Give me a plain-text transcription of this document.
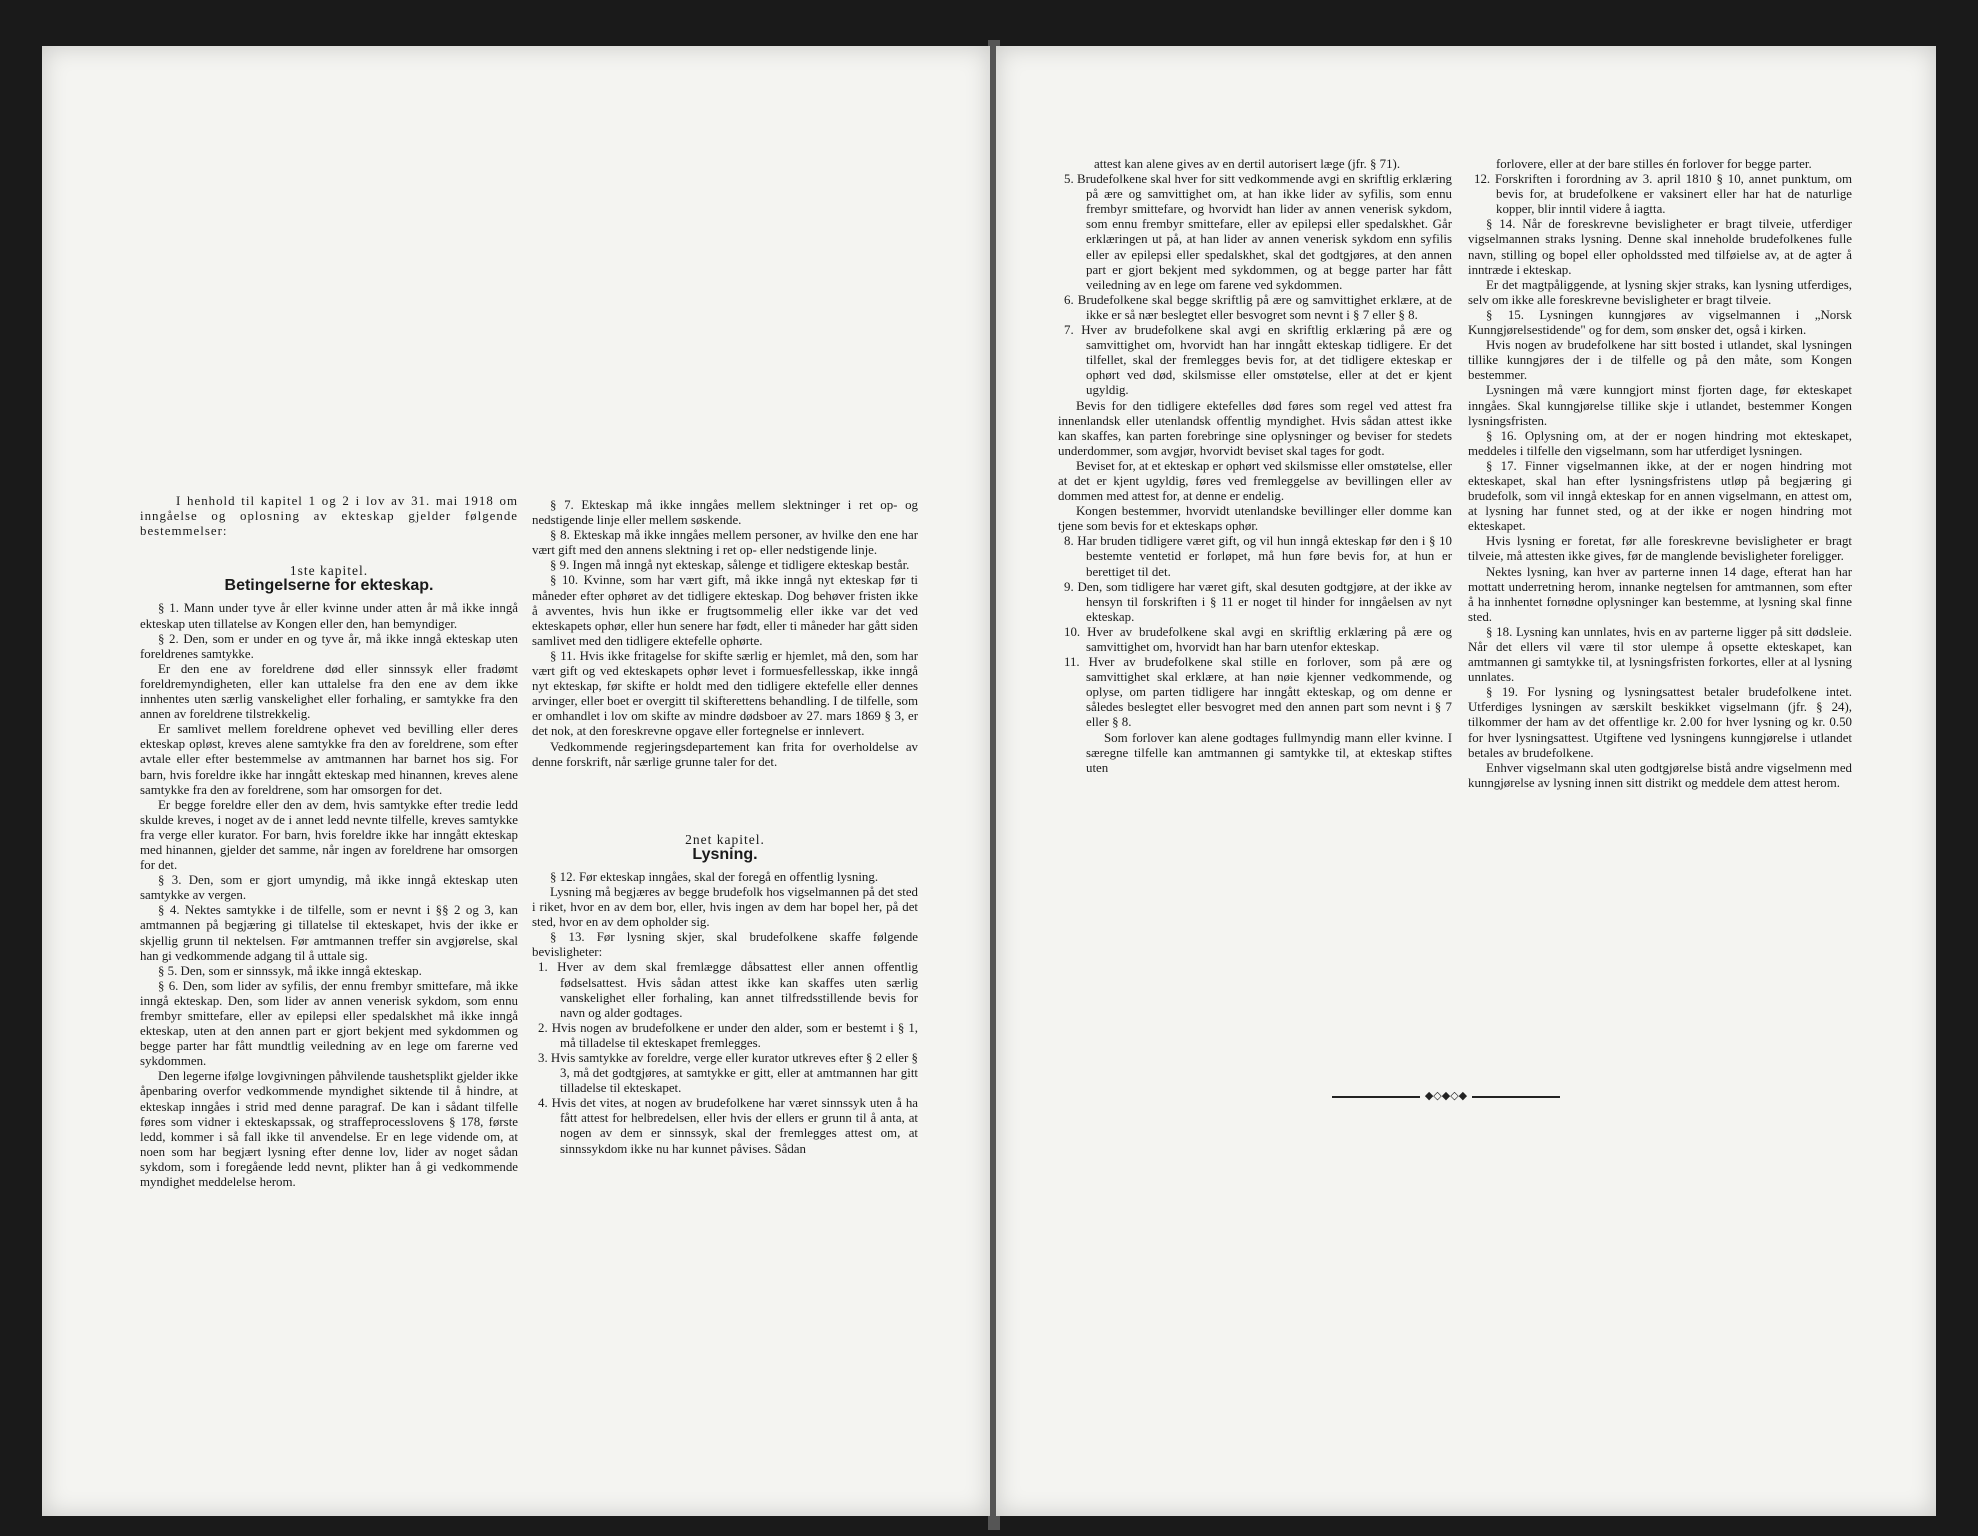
I henhold til kapitel 1 og 2 i lov av 31. mai 1918 om inngåelse og oplosning av ekteskap gjelder følgende bestemmelser:

1ste kapitel.

Betingelserne for ekteskap.

§ 1. Mann under tyve år eller kvinne under atten år må ikke inngå ekteskap uten tillatelse av Kongen eller den, han bemyndiger.

§ 2. Den, som er under en og tyve år, må ikke inngå ekteskap uten foreldrenes samtykke.

Er den ene av foreldrene død eller sinnssyk eller fradømt foreldremyndigheten, eller kan uttalelse fra den ene av dem ikke innhentes uten særlig vanskelighet eller forhaling, er samtykke fra den annen av foreldrene tilstrekkelig.

Er samlivet mellem foreldrene ophevet ved bevilling eller deres ekteskap opløst, kreves alene samtykke fra den av foreldrene, som efter avtale eller efter bestemmelse av amtmannen har barnet hos sig. For barn, hvis foreldre ikke har inngått ekteskap med hinannen, kreves alene samtykke fra den av foreldrene, som har omsorgen for det.

Er begge foreldre eller den av dem, hvis samtykke efter tredie ledd skulde kreves, i noget av de i annet ledd nevnte tilfelle, kreves samtykke fra verge eller kurator. For barn, hvis foreldre ikke har inngått ekteskap med hinannen, gjelder det samme, når ingen av foreldrene har omsorgen for det.

§ 3. Den, som er gjort umyndig, må ikke inngå ekteskap uten samtykke av vergen.

§ 4. Nektes samtykke i de tilfelle, som er nevnt i §§ 2 og 3, kan amtmannen på begjæring gi tillatelse til ekteskapet, hvis der ikke er skjellig grunn til nektelsen. Før amtmannen treffer sin avgjørelse, skal han gi vedkommende adgang til å uttale sig.

§ 5. Den, som er sinnssyk, må ikke inngå ekteskap.

§ 6. Den, som lider av syfilis, der ennu frembyr smittefare, må ikke inngå ekteskap. Den, som lider av annen venerisk sykdom, som ennu frembyr smittefare, eller av epilepsi eller spedalskhet må ikke inngå ekteskap, uten at den annen part er gjort bekjent med sykdommen og begge parter har fått mundtlig veiledning av en lege om farerne ved sykdommen.

Den legerne ifølge lovgivningen påhvilende taushetsplikt gjelder ikke åpenbaring overfor vedkommende myndighet siktende til å hindre, at ekteskap inngåes i strid med denne paragraf. De kan i sådant tilfelle føres som vidner i ekteskapssak, og straffeprocesslovens § 178, første ledd, kommer i så fall ikke til anvendelse. Er en lege vidende om, at noen som har begjært lysning efter denne lov, lider av noget sådan sykdom, som i foregående ledd nevnt, plikter han å gi vedkommende myndighet meddelelse herom.

§ 7. Ekteskap må ikke inngåes mellem slektninger i ret op- og nedstigende linje eller mellem søskende.

§ 8. Ekteskap må ikke inngåes mellem personer, av hvilke den ene har vært gift med den annens slektning i ret op- eller nedstigende linje.

§ 9. Ingen må inngå nyt ekteskap, sålenge et tidligere ekteskap består.

§ 10. Kvinne, som har vært gift, må ikke inngå nyt ekteskap før ti måneder efter ophøret av det tidligere ekteskap. Dog behøver fristen ikke å avventes, hvis hun ikke er frugtsommelig eller ikke var det ved ekteskapets ophør, eller hun senere har født, eller ti måneder har gått siden samlivet med den tidligere ektefelle ophørte.

§ 11. Hvis ikke fritagelse for skifte særlig er hjemlet, må den, som har vært gift og ved ekteskapets ophør levet i formuesfellesskap, ikke inngå nyt ekteskap, før skifte er holdt med den tidligere ektefelle eller dennes arvinger, eller boet er overgitt til skifterettens behandling. I de tilfelle, som er omhandlet i lov om skifte av mindre dødsboer av 27. mars 1869 § 3, er det nok, at den foreskrevne opgave eller fortegnelse er innlevert.

Vedkommende regjeringsdepartement kan frita for overholdelse av denne forskrift, når særlige grunne taler for det.

2net kapitel.

Lysning.

§ 12. Før ekteskap inngåes, skal der foregå en offentlig lysning.

Lysning må begjæres av begge brudefolk hos vigselmannen på det sted i riket, hvor en av dem bor, eller, hvis ingen av dem har bopel her, på det sted, hvor en av dem opholder sig.

§ 13. Før lysning skjer, skal brudefolkene skaffe følgende bevisligheter:

1. Hver av dem skal fremlægge dåbsattest eller annen offentlig fødselsattest. Hvis sådan attest ikke kan skaffes uten særlig vanskelighet eller forhaling, kan annet tilfredsstillende bevis for navn og alder godtages.

2. Hvis nogen av brudefolkene er under den alder, som er bestemt i § 1, må tilladelse til ekteskapet fremlegges.

3. Hvis samtykke av foreldre, verge eller kurator utkreves efter § 2 eller § 3, må det godtgjøres, at samtykke er gitt, eller at amtmannen har gitt tilladelse til ekteskapet.

4. Hvis det vites, at nogen av brudefolkene har været sinnssyk uten å ha fått attest for helbredelsen, eller hvis der ellers er grunn til å anta, at nogen av dem er sinnssyk, skal der fremlegges attest om, at sinnssykdom ikke nu har kunnet påvises. Sådan

attest kan alene gives av en dertil autorisert læge (jfr. § 71).

5. Brudefolkene skal hver for sitt vedkommende avgi en skriftlig erklæring på ære og samvittighet om, at han ikke lider av syfilis, som ennu frembyr smittefare, og hvorvidt han lider av annen venerisk sykdom, som ennu frembyr smittefare, eller av epilepsi eller spedalskhet. Går erklæringen ut på, at han lider av annen venerisk sykdom enn syfilis eller av epilepsi eller spedalskhet, skal det godtgjøres, at den annen part er gjort bekjent med sykdommen, og at begge parter har fått veiledning av en lege om farene ved sykdommen.

6. Brudefolkene skal begge skriftlig på ære og samvittighet erklære, at de ikke er så nær beslegtet eller besvogret som nevnt i § 7 eller § 8.

7. Hver av brudefolkene skal avgi en skriftlig erklæring på ære og samvittighet om, hvorvidt han har inngått ekteskap tidligere. Er det tilfellet, skal der fremlegges bevis for, at det tidligere ekteskap er ophørt ved død, skilsmisse eller omstøtelse, eller at det er kjent ugyldig.

Bevis for den tidligere ektefelles død føres som regel ved attest fra innenlandsk eller utenlandsk offentlig myndighet. Hvis sådan attest ikke kan skaffes, kan parten forebringe sine oplysninger og beviser for stedets underdommer, som avgjør, hvorvidt beviset skal tages for godt.

Beviset for, at et ekteskap er ophørt ved skilsmisse eller omstøtelse, eller at det er kjent ugyldig, føres ved fremleggelse av bevillingen eller av dommen med attest for, at denne er endelig.

Kongen bestemmer, hvorvidt utenlandske bevillinger eller domme kan tjene som bevis for et ekteskaps ophør.

8. Har bruden tidligere været gift, og vil hun inngå ekteskap før den i § 10 bestemte ventetid er forløpet, må hun føre bevis for, at hun er berettiget til det.

9. Den, som tidligere har været gift, skal desuten godtgjøre, at der ikke av hensyn til forskriften i § 11 er noget til hinder for inngåelsen av nyt ekteskap.

10. Hver av brudefolkene skal avgi en skriftlig erklæring på ære og samvittighet om, hvorvidt han har barn utenfor ekteskap.

11. Hver av brudefolkene skal stille en forlover, som på ære og samvittighet skal erklære, at han nøie kjenner vedkommende, og oplyse, om parten tidligere har inngått ekteskap, og om denne er således beslegtet eller besvogret med den annen part som nevnt i § 7 eller § 8.

Som forlover kan alene godtages fullmyndig mann eller kvinne. I særegne tilfelle kan amtmannen gi samtykke til, at ekteskap stiftes uten

forlovere, eller at der bare stilles én forlover for begge parter.

12. Forskriften i forordning av 3. april 1810 § 10, annet punktum, om bevis for, at brudefolkene er vaksinert eller har hat de naturlige kopper, blir inntil videre å iagtta.

§ 14. Når de foreskrevne bevisligheter er bragt tilveie, utferdiger vigselmannen straks lysning. Denne skal inneholde brudefolkenes fulle navn, stilling og bopel eller opholdssted med tilføielse av, at de agter å inntræde i ekteskap.

Er det magtpåliggende, at lysning skjer straks, kan lysning utferdiges, selv om ikke alle foreskrevne bevisligheter er bragt tilveie.

§ 15. Lysningen kunngjøres av vigselmannen i „Norsk Kunngjørelsestidende" og for dem, som ønsker det, også i kirken.

Hvis nogen av brudefolkene har sitt bosted i utlandet, skal lysningen tillike kunngjøres der i de tilfelle og på den måte, som Kongen bestemmer.

Lysningen må være kunngjort minst fjorten dage, før ekteskapet inngåes. Skal kunngjørelse tillike skje i utlandet, bestemmer Kongen lysningsfristen.

§ 16. Oplysning om, at der er nogen hindring mot ekteskapet, meddeles i tilfelle den vigselmann, som har utferdiget lysningen.

§ 17. Finner vigselmannen ikke, at der er nogen hindring mot ekteskapet, skal han efter lysningsfristens utløp på begjæring gi brudefolk, som vil inngå ekteskap for en annen vigselmann, en attest om, at lysning har funnet sted, og at der ikke er nogen hindring mot ekteskapet.

Hvis lysning er foretat, før alle foreskrevne bevisligheter er bragt tilveie, må attesten ikke gives, før de manglende bevisligheter foreligger.

Nektes lysning, kan hver av parterne innen 14 dage, efterat han har mottatt underretning herom, innanke negtelsen for amtmannen, som efter å ha innhentet fornødne oplysninger kan bestemme, at lysning skal finne sted.

§ 18. Lysning kan unnlates, hvis en av parterne ligger på sitt dødsleie. Når det ellers vil være til stor ulempe å opsette ekteskapet, kan amtmannen gi samtykke til, at lysningsfristen forkortes, eller at al lysning unnlates.

§ 19. For lysning og lysningsattest betaler brudefolkene intet. Utferdiges lysningen av særskilt beskikket vigselmann (jfr. § 24), tilkommer der ham av det offentlige kr. 2.00 for hver lysning og kr. 0.50 for hver lysningsattest. Utgiftene ved lysningens kunngjørelse i utlandet betales av brudefolkene.

Enhver vigselmann skal uten godtgjørelse bistå andre vigselmenn med kunngjørelse av lysning innen sitt distrikt og meddele dem attest herom.

◆◇◆◇◆
